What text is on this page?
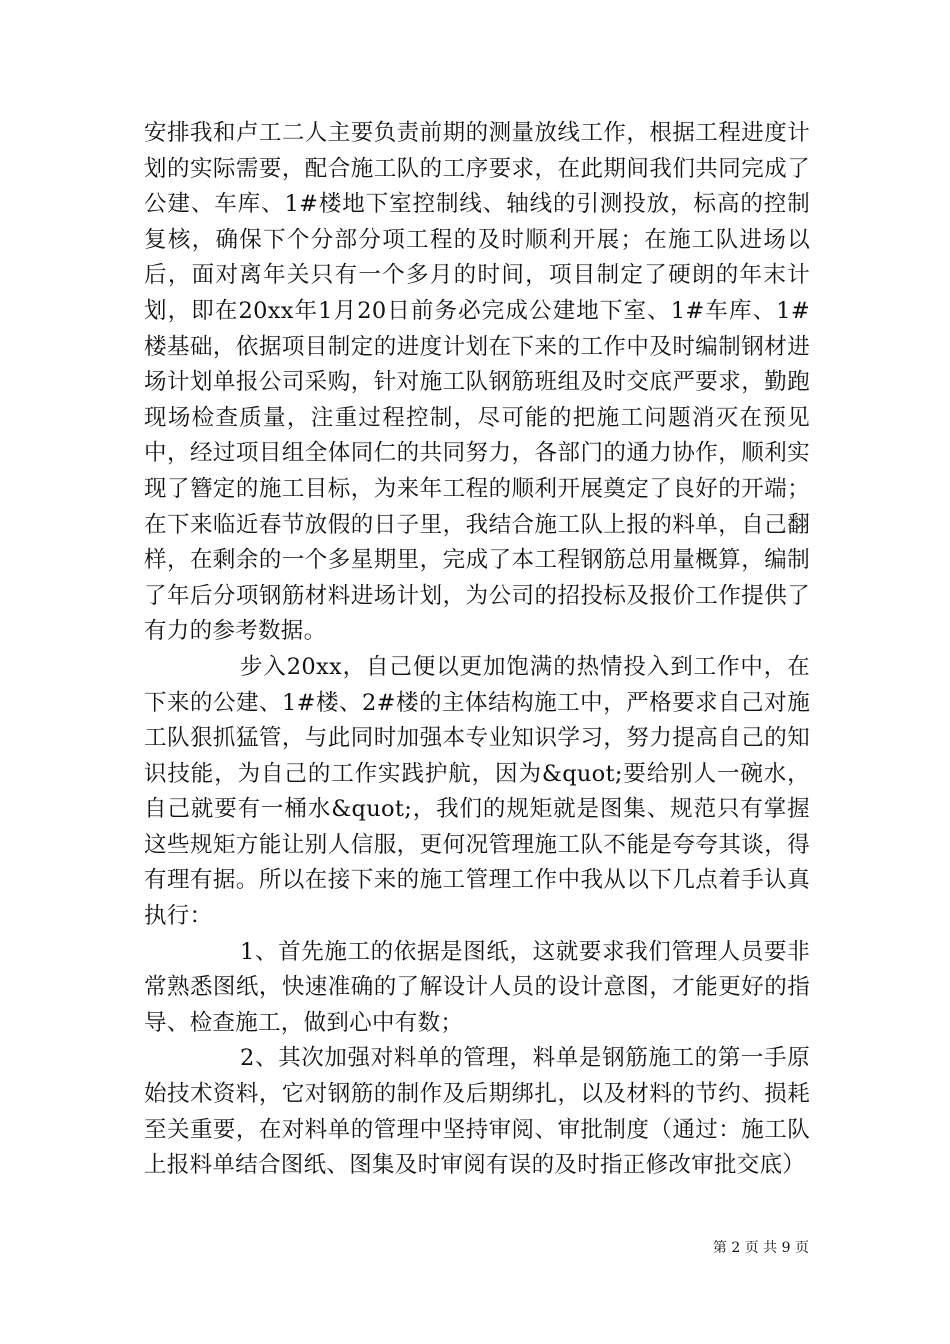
安排我和卢工二人主要负责前期的测量放线工作，根据工程进度计划的实际需要，配合施工队的工序要求，在此期间我们共同完成了公建、车库、1#楼地下室控制线、轴线的引测投放，标高的控制复核，确保下个分部分项工程的及时顺利开展；在施工队进场以后，面对离年关只有一个多月的时间，项目制定了硬朗的年末计划，即在20xx年1月20日前务必完成公建地下室、1#车库、1#楼基础，依据项目制定的进度计划在下来的工作中及时编制钢材进场计划单报公司采购，针对施工队钢筋班组及时交底严要求，勤跑现场检查质量，注重过程控制，尽可能的把施工问题消灭在预见中，经过项目组全体同仁的共同努力，各部门的通力协作，顺利实现了簪定的施工目标，为来年工程的顺利开展奠定了良好的开端；在下来临近春节放假的日子里，我结合施工队上报的料单，自己翻样，在剩余的一个多星期里，完成了本工程钢筋总用量概算，编制了年后分项钢筋材料进场计划，为公司的招投标及报价工作提供了有力的参考数据。

步入20xx，自己便以更加饱满的热情投入到工作中，在下来的公建、1#楼、2#楼的主体结构施工中，严格要求自己对施工队狠抓猛管，与此同时加强本专业知识学习，努力提高自己的知识技能，为自己的工作实践护航，因为&quot;要给别人一碗水，自己就要有一桶水&quot;，我们的规矩就是图集、规范只有掌握这些规矩方能让别人信服，更何况管理施工队不能是夸夸其谈，得有理有据。所以在接下来的施工管理工作中我从以下几点着手认真执行：

1、首先施工的依据是图纸，这就要求我们管理人员要非常熟悉图纸，快速准确的了解设计人员的设计意图，才能更好的指导、检查施工，做到心中有数；

2、其次加强对料单的管理，料单是钢筋施工的第一手原始技术资料，它对钢筋的制作及后期绑扎，以及材料的节约、损耗至关重要，在对料单的管理中坚持审阅、审批制度（通过：施工队上报料单结合图纸、图集及时审阅有误的及时指正修改审批交底）

第 2 页 共 9 页
